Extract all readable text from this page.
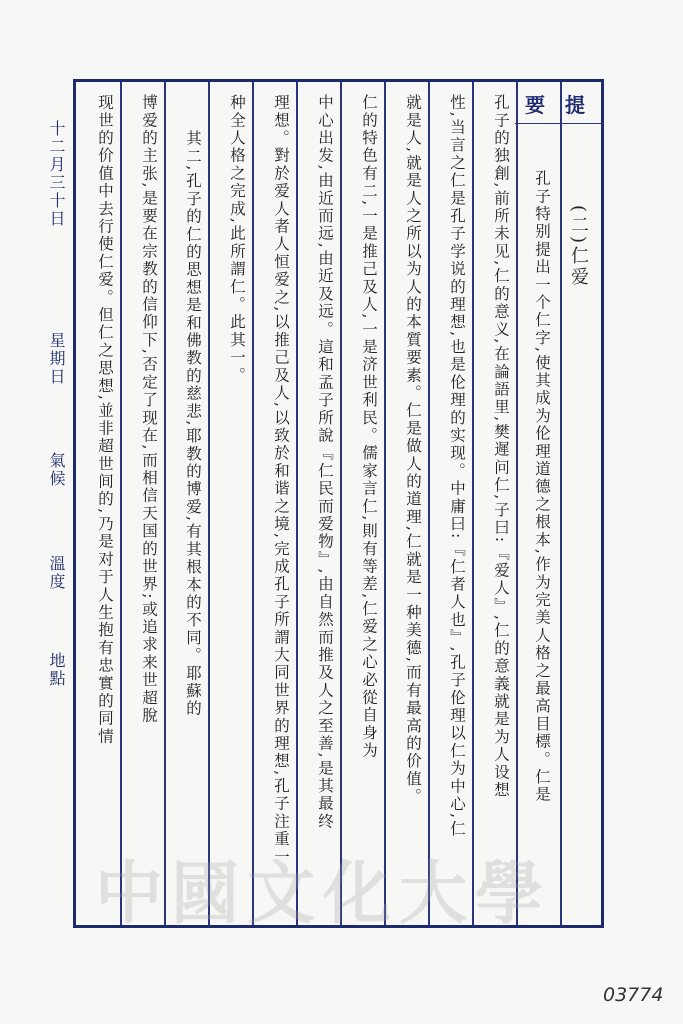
十二月三十日
星期日
氣候
溫度
地點
要 提
(二)仁爱
孔子特别提出一个仁字,使其成为伦理道德之根本,作为完美人格之最高目標。仁是
孔子的独創,前所未见,仁的意义,在論語里,樊遲问仁,子曰:『爱人』,仁的意義就是为人设想
性,当言之仁是孔子学说的理想,也是伦理的实现。中庸曰:『仁者人也』,孔子伦理以仁为中心,仁
就是人,就是人之所以为人的本質要素。仁是做人的道理,仁就是一种美德,而有最高的价值。
仁的特色有二,一是推己及人,一是济世利民。儒家言仁,則有等差,仁爱之心必從自身为
中心出发,由近而远,由近及远。這和孟子所說『仁民而爱物』,由自然而推及人之至善,是其最终
理想。對於爱人者人恒爱之,以推己及人,以致於和谐之境,完成孔子所謂大同世界的理想,孔子注重一
种全人格之完成,此所謂仁。此其一。
其二,孔子的仁的思想是和佛教的慈悲,耶教的博爱,有其根本的不同。耶蘇的
博爱的主张,是要在宗教的信仰下,否定了现在,而相信天国的世界;或追求来世超脫
现世的价值中去行使仁爱。但仁之思想,並非超世间的,乃是对于人生抱有忠實的同情
中國文化大學
03774
